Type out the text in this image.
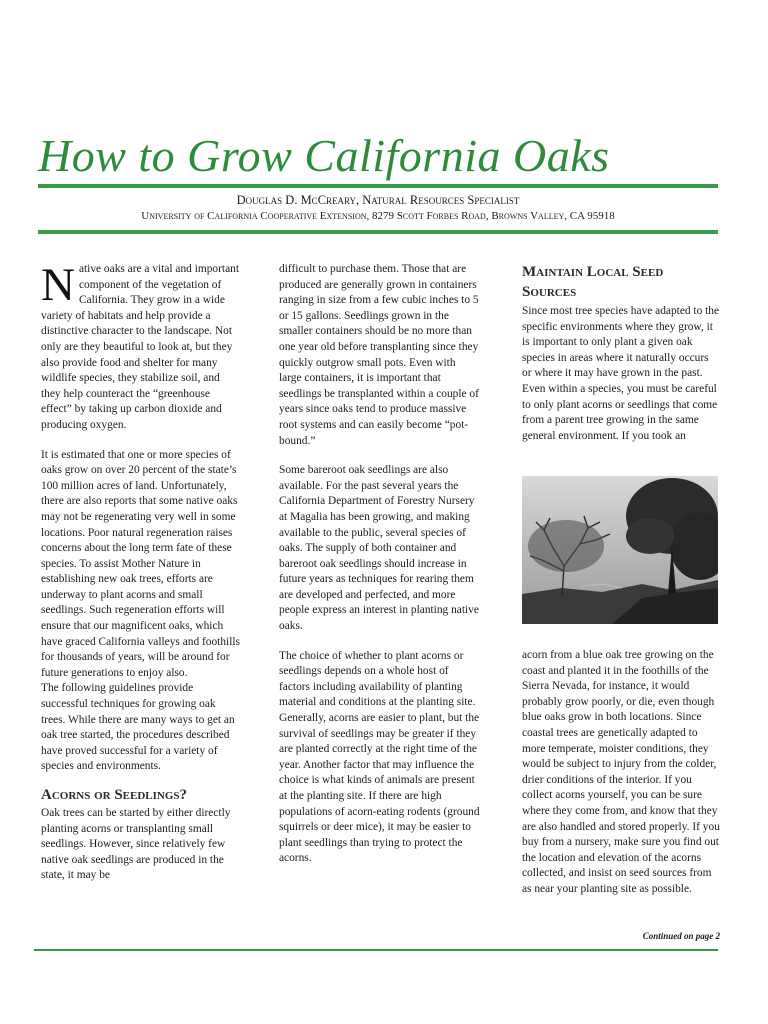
How to Grow California Oaks

Douglas D. McCreary, Natural Resources Specialist

University of California Cooperative Extension, 8279 Scott Forbes Road, Browns Valley, CA 95918

Native oaks are a vital and important component of the vegetation of California. They grow in a wide variety of habitats and help provide a distinctive character to the landscape. Not only are they beautiful to look at, but they also provide food and shelter for many wildlife species, they stabilize soil, and they help counteract the “greenhouse effect” by taking up carbon dioxide and producing oxygen.

It is estimated that one or more species of oaks grow on over 20 percent of the state’s 100 million acres of land. Unfortunately, there are also reports that some native oaks may not be regenerating very well in some locations. Poor natural regeneration raises concerns about the long term fate of these species. To assist Mother Nature in establishing new oak trees, efforts are underway to plant acorns and small seedlings. Such regeneration efforts will ensure that our magnificent oaks, which have graced California valleys and foothills for thousands of years, will be around for future generations to enjoy also.

The following guidelines provide successful techniques for growing oak trees. While there are many ways to get an oak tree started, the procedures described have proved successful for a variety of species and environments.

Acorns or Seedlings?

Oak trees can be started by either directly planting acorns or transplanting small seedlings. However, since relatively few native oak seedlings are produced in the state, it may be

difficult to purchase them. Those that are produced are generally grown in containers ranging in size from a few cubic inches to 5 or 15 gallons. Seedlings grown in the smaller containers should be no more than one year old before transplanting since they quickly outgrow small pots. Even with large containers, it is important that seedlings be transplanted within a couple of years since oaks tend to produce massive root systems and can easily become “pot-bound.”

Some bareroot oak seedlings are also available. For the past several years the California Department of Forestry Nursery at Magalia has been growing, and making available to the public, several species of oaks. The supply of both container and bareroot oak seedlings should increase in future years as techniques for rearing them are developed and perfected, and more people express an interest in planting native oaks.

The choice of whether to plant acorns or seedlings depends on a whole host of factors including availability of planting material and conditions at the planting site. Generally, acorns are easier to plant, but the survival of seedlings may be greater if they are planted correctly at the right time of the year. Another factor that may influence the choice is what kinds of animals are present at the planting site. If there are high populations of acorn-eating rodents (ground squirrels or deer mice), it may be easier to plant seedlings than trying to protect the acorns.

Maintain Local Seed Sources

Since most tree species have adapted to the specific environments where they grow, it is important to only plant a given oak species in areas where it naturally occurs or where it may have grown in the past. Even within a species, you must be careful to only plant acorns or seedlings that come from a parent tree growing in the same general environment. If you took an

acorn from a blue oak tree growing on the coast and planted it in the foothills of the Sierra Nevada, for instance, it would probably grow poorly, or die, even though blue oaks grow in both locations. Since coastal trees are genetically adapted to more temperate, moister conditions, they would be subject to injury from the colder, drier conditions of the interior. If you collect acorns yourself, you can be sure where they come from, and know that they are also handled and stored properly. If you buy from a nursery, make sure you find out the location and elevation of the acorns collected, and insist on seed sources from as near your planting site as possible.

Continued on page 2
